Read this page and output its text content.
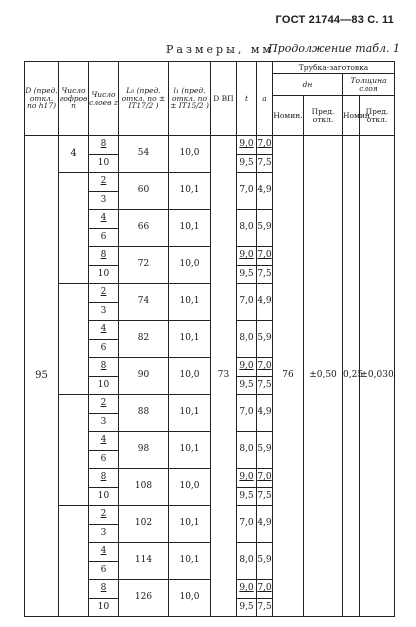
ГОСТ 21744—83 С. 11
Размеры, мм
Продолжение табл. 1
D (пред. откл. по h17)	Число гофров n	Число слоев z	L₀ (пред. откл. по ± IT17/2 )	l₁ (пред. откл. по ± IT15/2 )	D ВП	t	a	Трубка-заготовка			
								dн		Толщина слоя	
								Номин.	Пред. откл.	Номин	Пред. откл.
95	4	8	54	10,0	73	9,0	7,0	76	±0,50	0,25	±0,030
		10				9,5	7,5				
		2	60	10,1		7,0	4,9				
		3									
		4	66	10,1		8,0	5,9				
		6									
		8	72	10,0		9,0	7,0				
		10				9,5	7,5				
		2	74	10,1		7,0	4,9				
		3									
		4	82	10,1		8,0	5,9				
		6									
		8	90	10,0		9,0	7,0				
		10				9,5	7,5				
		2	88	10,1		7,0	4,9				
		3									
		4	98	10,1		8,0	5,9				
		6									
		8	108	10,0		9,0	7,0				
		10				9,5	7,5				
		2	102	10,1		7,0	4,9				
		3									
		4	114	10,1		8,0	5,9				
		6									
		8	126	10,0		9,0	7,0				
		10				9,5	7,5				
